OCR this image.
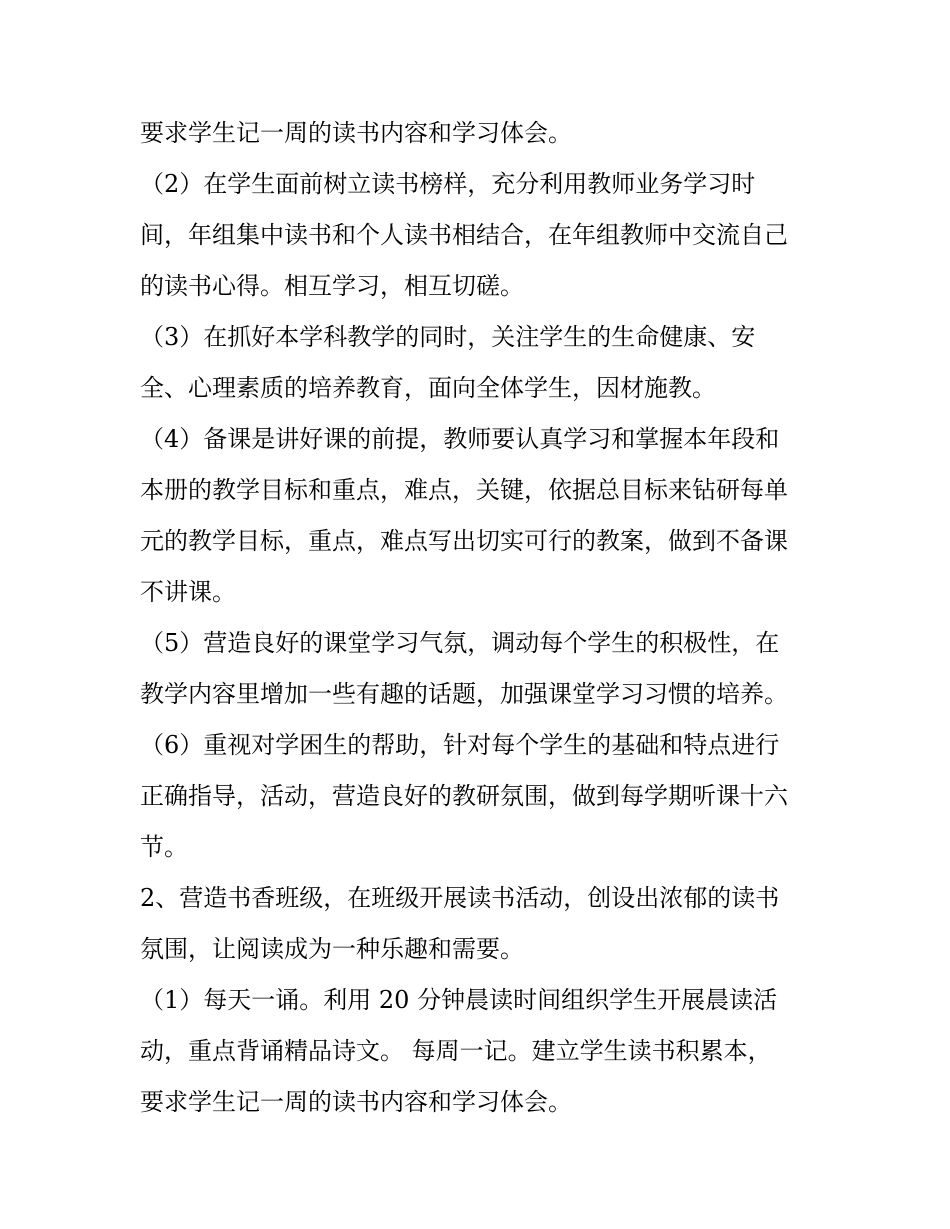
要求学生记一周的读书内容和学习体会。
（2）在学生面前树立读书榜样，充分利用教师业务学习时
间，年组集中读书和个人读书相结合，在年组教师中交流自己
的读书心得。相互学习，相互切磋。
（3）在抓好本学科教学的同时，关注学生的生命健康、安
全、心理素质的培养教育，面向全体学生，因材施教。
（4）备课是讲好课的前提，教师要认真学习和掌握本年段和
本册的教学目标和重点，难点，关键，依据总目标来钻研每单
元的教学目标，重点，难点写出切实可行的教案，做到不备课
不讲课。
（5）营造良好的课堂学习气氛，调动每个学生的积极性，在
教学内容里增加一些有趣的话题，加强课堂学习习惯的培养。
（6）重视对学困生的帮助，针对每个学生的基础和特点进行
正确指导，活动，营造良好的教研氛围，做到每学期听课十六
节。
2、营造书香班级，在班级开展读书活动，创设出浓郁的读书
氛围，让阅读成为一种乐趣和需要。
（1）每天一诵。利用 20 分钟晨读时间组织学生开展晨读活
动，重点背诵精品诗文。 每周一记。建立学生读书积累本，
要求学生记一周的读书内容和学习体会。
